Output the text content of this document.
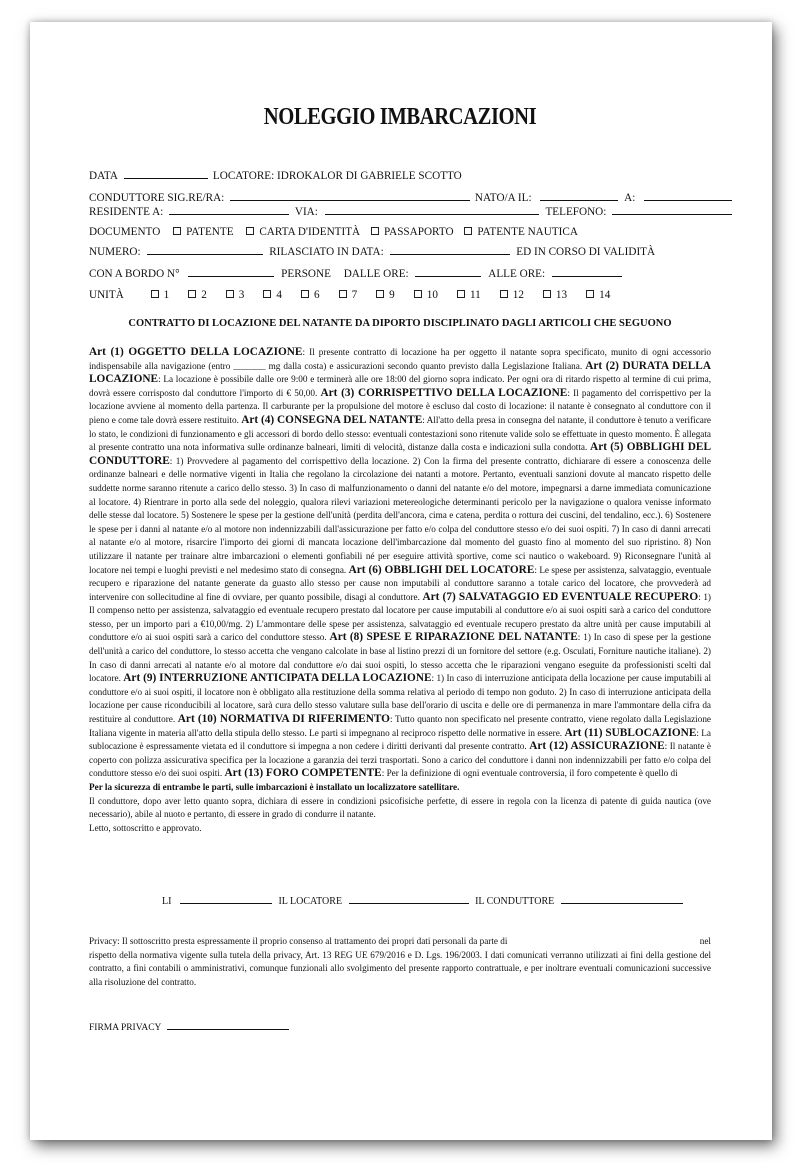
NOLEGGIO IMBARCAZIONI
DATA	LOCATORE: IDROKALOR DI GABRIELE SCOTTO
CONDUTTORE SIG.RE/RA:	NATO/A IL:	A:
RESIDENTE A:	VIA:	TELEFONO:
DOCUMENTO PATENTE CARTA D'IDENTITÀ PASSAPORTO PATENTE NAUTICA
NUMERO:	RILASCIATO IN DATA:	ED IN CORSO DI VALIDITÀ
CON A BORDO N°	PERSONE DALLE ORE:	ALLE ORE:
UNITÀ	1	2	3	4	6	7	9	10	11	12	13	14
CONTRATTO DI LOCAZIONE DEL NATANTE DA DIPORTO DISCIPLINATO DAGLI ARTICOLI CHE SEGUONO
Art (1) OGGETTO DELLA LOCAZIONE: Il presente contratto di locazione ha per oggetto il natante sopra specificato, munito di ogni accessorio indispensabile alla navigazione (entro _______ mg dalla costa) e assicurazioni secondo quanto previsto dalla Legislazione Italiana. Art (2) DURATA DELLA LOCAZIONE: La locazione è possibile dalle ore 9:00 e terminerà alle ore 18:00 del giorno sopra indicato. Per ogni ora di ritardo rispetto al termine di cui prima, dovrà essere corrisposto dal conduttore l'importo di € 50,00. Art (3) CORRISPETTIVO DELLA LOCAZIONE: Il pagamento del corrispettivo per la locazione avviene al momento della partenza. Il carburante per la propulsione del motore è escluso dal costo di locazione: il natante è consegnato al conduttore con il pieno e come tale dovrà essere restituito. Art (4) CONSEGNA DEL NATANTE: All'atto della presa in consegna del natante, il conduttore è tenuto a verificare lo stato, le condizioni di funzionamento e gli accessori di bordo dello stesso: eventuali contestazioni sono ritenute valide solo se effettuate in questo momento. È allegata al presente contratto una nota informativa sulle ordinanze balneari, limiti di velocità, distanze dalla costa e indicazioni sulla condotta. Art (5) OBBLIGHI DEL CONDUTTORE: 1) Provvedere al pagamento del corrispettivo della locazione. 2) Con la firma del presente contratto, dichiarare di essere a conoscenza delle ordinanze balneari e delle normative vigenti in Italia che regolano la circolazione dei natanti a motore. Pertanto, eventuali sanzioni dovute al mancato rispetto delle suddette norme saranno ritenute a carico dello stesso. 3) In caso di malfunzionamento o danni del natante e/o del motore, impegnarsi a darne immediata comunicazione al locatore. 4) Rientrare in porto alla sede del noleggio, qualora rilevi variazioni metereologiche determinanti pericolo per la navigazione o qualora venisse informato delle stesse dal locatore. 5) Sostenere le spese per la gestione dell'unità (perdita dell'ancora, cima e catena, perdita o rottura dei cuscini, del tendalino, ecc.). 6) Sostenere le spese per i danni al natante e/o al motore non indennizzabili dall'assicurazione per fatto e/o colpa del conduttore stesso e/o dei suoi ospiti. 7) In caso di danni arrecati al natante e/o al motore, risarcire l'importo dei giorni di mancata locazione dell'imbarcazione dal momento del guasto fino al momento del suo ripristino. 8) Non utilizzare il natante per trainare altre imbarcazioni o elementi gonfiabili né per eseguire attività sportive, come sci nautico o wakeboard. 9) Riconsegnare l'unità al locatore nei tempi e luoghi previsti e nel medesimo stato di consegna. Art (6) OBBLIGHI DEL LOCATORE: Le spese per assistenza, salvataggio, eventuale recupero e riparazione del natante generate da guasto allo stesso per cause non imputabili al conduttore saranno a totale carico del locatore, che provvederà ad intervenire con sollecitudine al fine di ovviare, per quanto possibile, disagi al conduttore. Art (7) SALVATAGGIO ED EVENTUALE RECUPERO: 1) Il compenso netto per assistenza, salvataggio ed eventuale recupero prestato dal locatore per cause imputabili al conduttore e/o ai suoi ospiti sarà a carico del conduttore stesso, per un importo pari a €10,00/mg. 2) L'ammontare delle spese per assistenza, salvataggio ed eventuale recupero prestato da altre unità per cause imputabili al conduttore e/o ai suoi ospiti sarà a carico del conduttore stesso. Art (8) SPESE E RIPARAZIONE DEL NATANTE: 1) In caso di spese per la gestione dell'unità a carico del conduttore, lo stesso accetta che vengano calcolate in base al listino prezzi di un fornitore del settore (e.g. Osculati, Forniture nautiche italiane). 2) In caso di danni arrecati al natante e/o al motore dal conduttore e/o dai suoi ospiti, lo stesso accetta che le riparazioni vengano eseguite da professionisti scelti dal locatore. Art (9) INTERRUZIONE ANTICIPATA DELLA LOCAZIONE: 1) In caso di interruzione anticipata della locazione per cause imputabili al conduttore e/o ai suoi ospiti, il locatore non è obbligato alla restituzione della somma relativa al periodo di tempo non goduto. 2) In caso di interruzione anticipata della locazione per cause riconducibili al locatore, sarà cura dello stesso valutare sulla base dell'orario di uscita e delle ore di permanenza in mare l'ammontare della cifra da restituire al conduttore. Art (10) NORMATIVA DI RIFERIMENTO: Tutto quanto non specificato nel presente contratto, viene regolato dalla Legislazione Italiana vigente in materia all'atto della stipula dello stesso. Le parti si impegnano al reciproco rispetto delle normative in essere. Art (11) SUBLOCAZIONE: La sublocazione è espressamente vietata ed il conduttore si impegna a non cedere i diritti derivanti dal presente contratto. Art (12) ASSICURAZIONE: Il natante è coperto con polizza assicurativa specifica per la locazione a garanzia dei terzi trasportati. Sono a carico del conduttore i danni non indennizzabili per fatto e/o colpa del conduttore stesso e/o dei suoi ospiti. Art (13) FORO COMPETENTE: Per la definizione di ogni eventuale controversia, il foro competente è quello di
Per la sicurezza di entrambe le parti, sulle imbarcazioni è installato un localizzatore satellitare.
Il conduttore, dopo aver letto quanto sopra, dichiara di essere in condizioni psicofisiche perfette, di essere in regola con la licenza di patente di guida nautica (ove necessario), abile al nuoto e pertanto, di essere in grado di condurre il natante.
Letto, sottoscritto e approvato.
LI	IL LOCATORE	IL CONDUTTORE
Privacy: Il sottoscritto presta espressamente il proprio consenso al trattamento dei propri dati personali da parte di	nel
rispetto della normativa vigente sulla tutela della privacy, Art. 13 REG UE 679/2016 e D. Lgs. 196/2003. I dati comunicati verranno utilizzati ai fini della gestione del contratto, a fini contabili o amministrativi, comunque funzionali allo svolgimento del presente rapporto contrattuale, e per inoltrare eventuali comunicazioni successive alla risoluzione del contratto.
FIRMA PRIVACY
